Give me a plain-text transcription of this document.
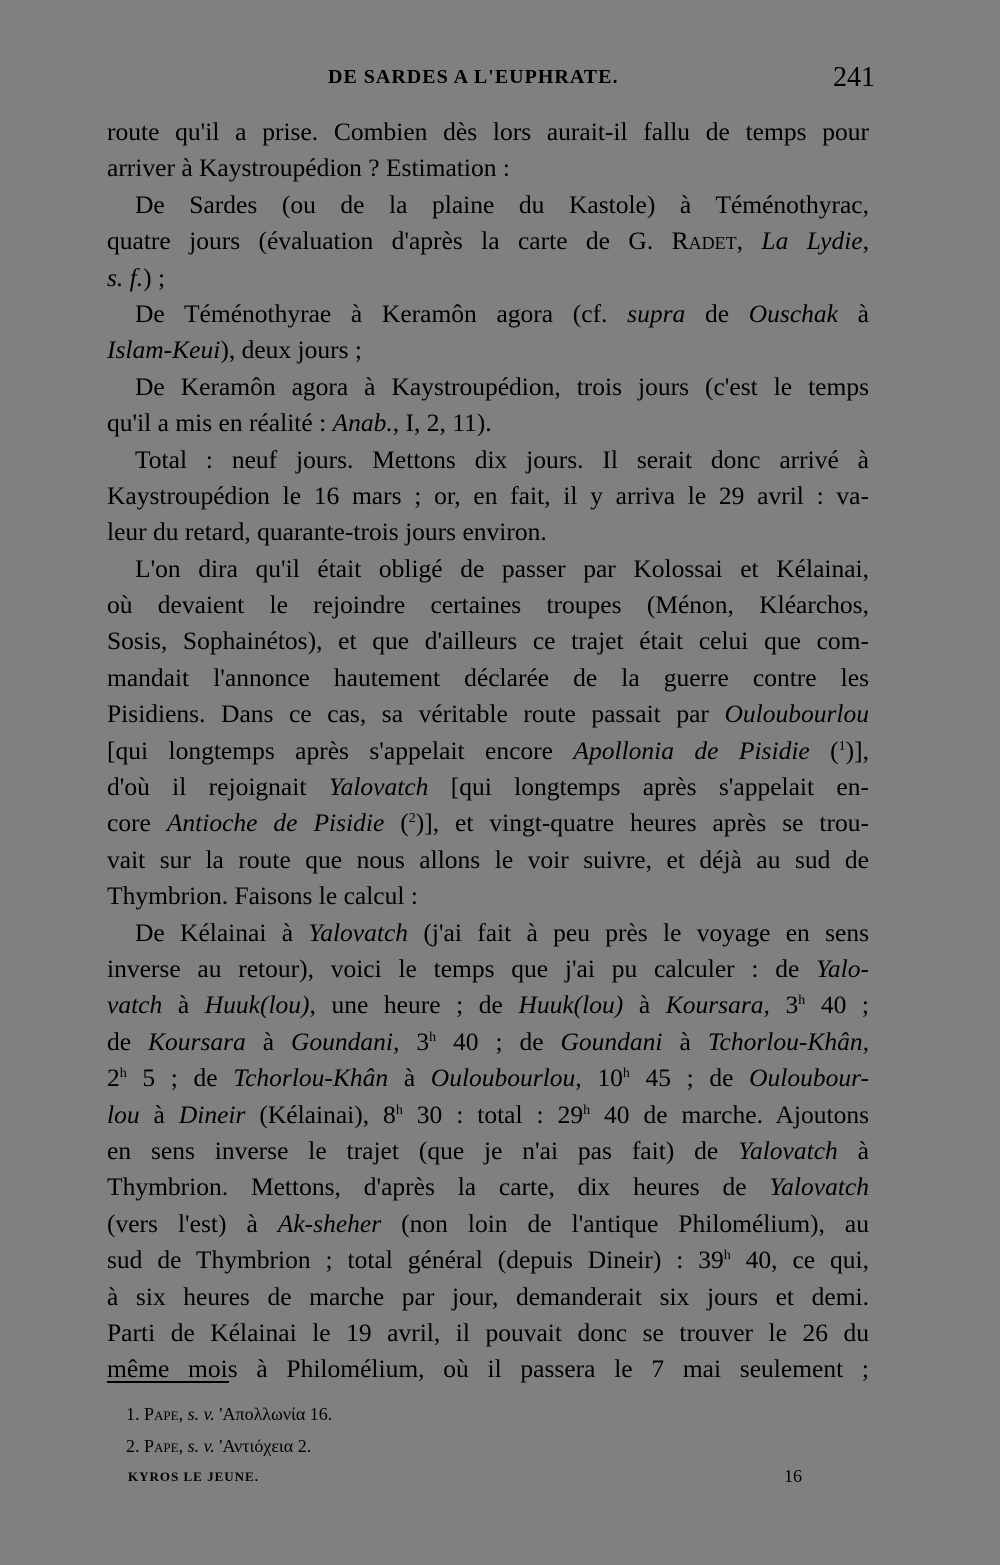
DE SARDES A L'EUPHRATE.	241
route qu'il a prise. Combien dès lors aurait-il fallu de temps pour
arriver à Kaystroupédion ? Estimation :
De Sardes (ou de la plaine du Kastole) à Téménothyrac,
quatre jours (évaluation d'après la carte de G. Radet, La Lydie,
s. f.) ;
De Téménothyrae à Keramôn agora (cf. supra de Ouschak à
Islam-Keui), deux jours ;
De Keramôn agora à Kaystroupédion, trois jours (c'est le temps
qu'il a mis en réalité : Anab., I, 2, 11).
Total : neuf jours. Mettons dix jours. Il serait donc arrivé à
Kaystroupédion le 16 mars ; or, en fait, il y arriva le 29 avril : va-
leur du retard, quarante-trois jours environ.
L'on dira qu'il était obligé de passer par Kolossai et Kélainai,
où devaient le rejoindre certaines troupes (Ménon, Kléarchos,
Sosis, Sophainétos), et que d'ailleurs ce trajet était celui que com-
mandait l'annonce hautement déclarée de la guerre contre les
Pisidiens. Dans ce cas, sa véritable route passait par Ouloubourlou
[qui longtemps après s'appelait encore Apollonia de Pisidie ($^1$)],
d'où il rejoignait Yalovatch [qui longtemps après s'appelait en-
core Antioche de Pisidie ($^2$)], et vingt-quatre heures après se trou-
vait sur la route que nous allons le voir suivre, et déjà au sud de
Thymbrion. Faisons le calcul :
De Kélainai à Yalovatch (j'ai fait à peu près le voyage en sens
inverse au retour), voici le temps que j'ai pu calculer : de Yalo-
vatch à Huuk(lou), une heure ; de Huuk(lou) à Koursara, 3$^h$ 40 ;
de Koursara à Goundani, 3$^h$ 40 ; de Goundani à Tchorlou-Khân,
2$^h$ 5 ; de Tchorlou-Khân à Ouloubourlou, 10$^h$ 45 ; de Ouloubour-
lou à Dineir (Kélainai), 8$^h$ 30 : total : 29$^h$ 40 de marche. Ajoutons
en sens inverse le trajet (que je n'ai pas fait) de Yalovatch à
Thymbrion. Mettons, d'après la carte, dix heures de Yalovatch
(vers l'est) à Ak-sheher (non loin de l'antique Philomélium), au
sud de Thymbrion ; total général (depuis Dineir) : 39$^h$ 40, ce qui,
à six heures de marche par jour, demanderait six jours et demi.
Parti de Kélainai le 19 avril, il pouvait donc se trouver le 26 du
même mois à Philomélium, où il passera le 7 mai seulement ;
1. Pape, s. v. 'Απολλωνία 16.
2. Pape, s. v. 'Αντιόχεια 2.
KYROS LE JEUNE.	16
